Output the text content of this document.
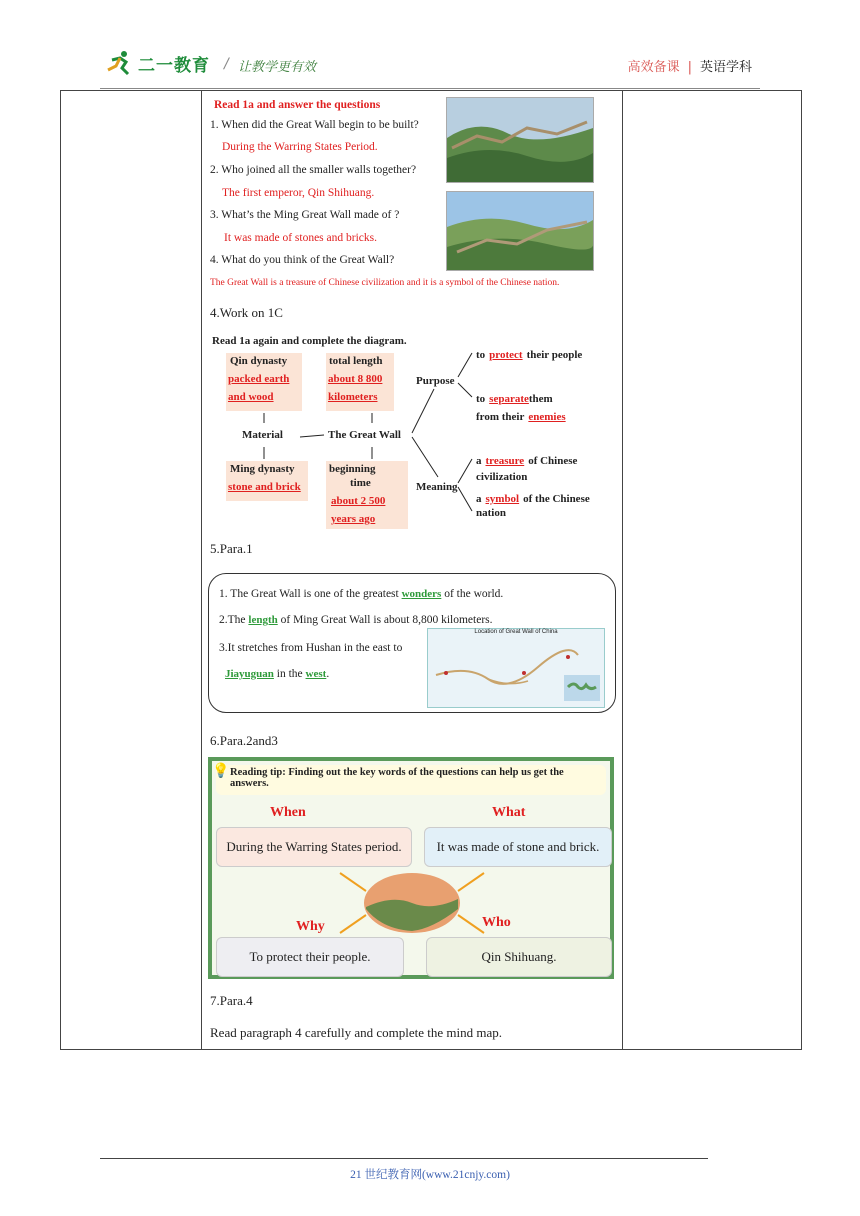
二一教育 / 让教学更有效	高效备课 | 英语学科

Read 1a and answer the questions
1. When did the Great Wall begin to be built?
During the Warring States Period.
2. Who joined all the smaller walls together?
The first emperor, Qin Shihuang.
3. What’s the Ming Great Wall made of ?
It was made of stones and bricks.
4. What do you think of the Great Wall?
The Great Wall is a treasure of Chinese civilization and it is a symbol of the Chinese nation.
4.Work on 1C
Read 1a again and complete the diagram.
Qin dynasty
packed earth
and wood
total length
about 8 800
kilometers
Material	The Great Wall
Ming dynasty
stone and brick
beginning
time
about 2 500
years ago
Purpose
Meaning
to protect their people
to separatethem
from their enemies
a treasure of Chinese
civilization
a symbol of the Chinese
nation
5.Para.1
1. The Great Wall is one of the greatest wonders of the world.
2.The length of Ming Great Wall is about 8,800 kilometers.
3.It stretches from Hushan in the east to
Jiayuguan in the west.
Location of Great Wall of China
6.Para.2and3
Reading tip: Finding out the key words of the questions can help us get the answers.
💡
When	What
During the Warring States period.	It was made of stone and brick.
Why	Who
To protect their people.	Qin Shihuang.
7.Para.4
Read paragraph 4 carefully and complete the mind map.

21 世纪教育网(www.21cnjy.com)
